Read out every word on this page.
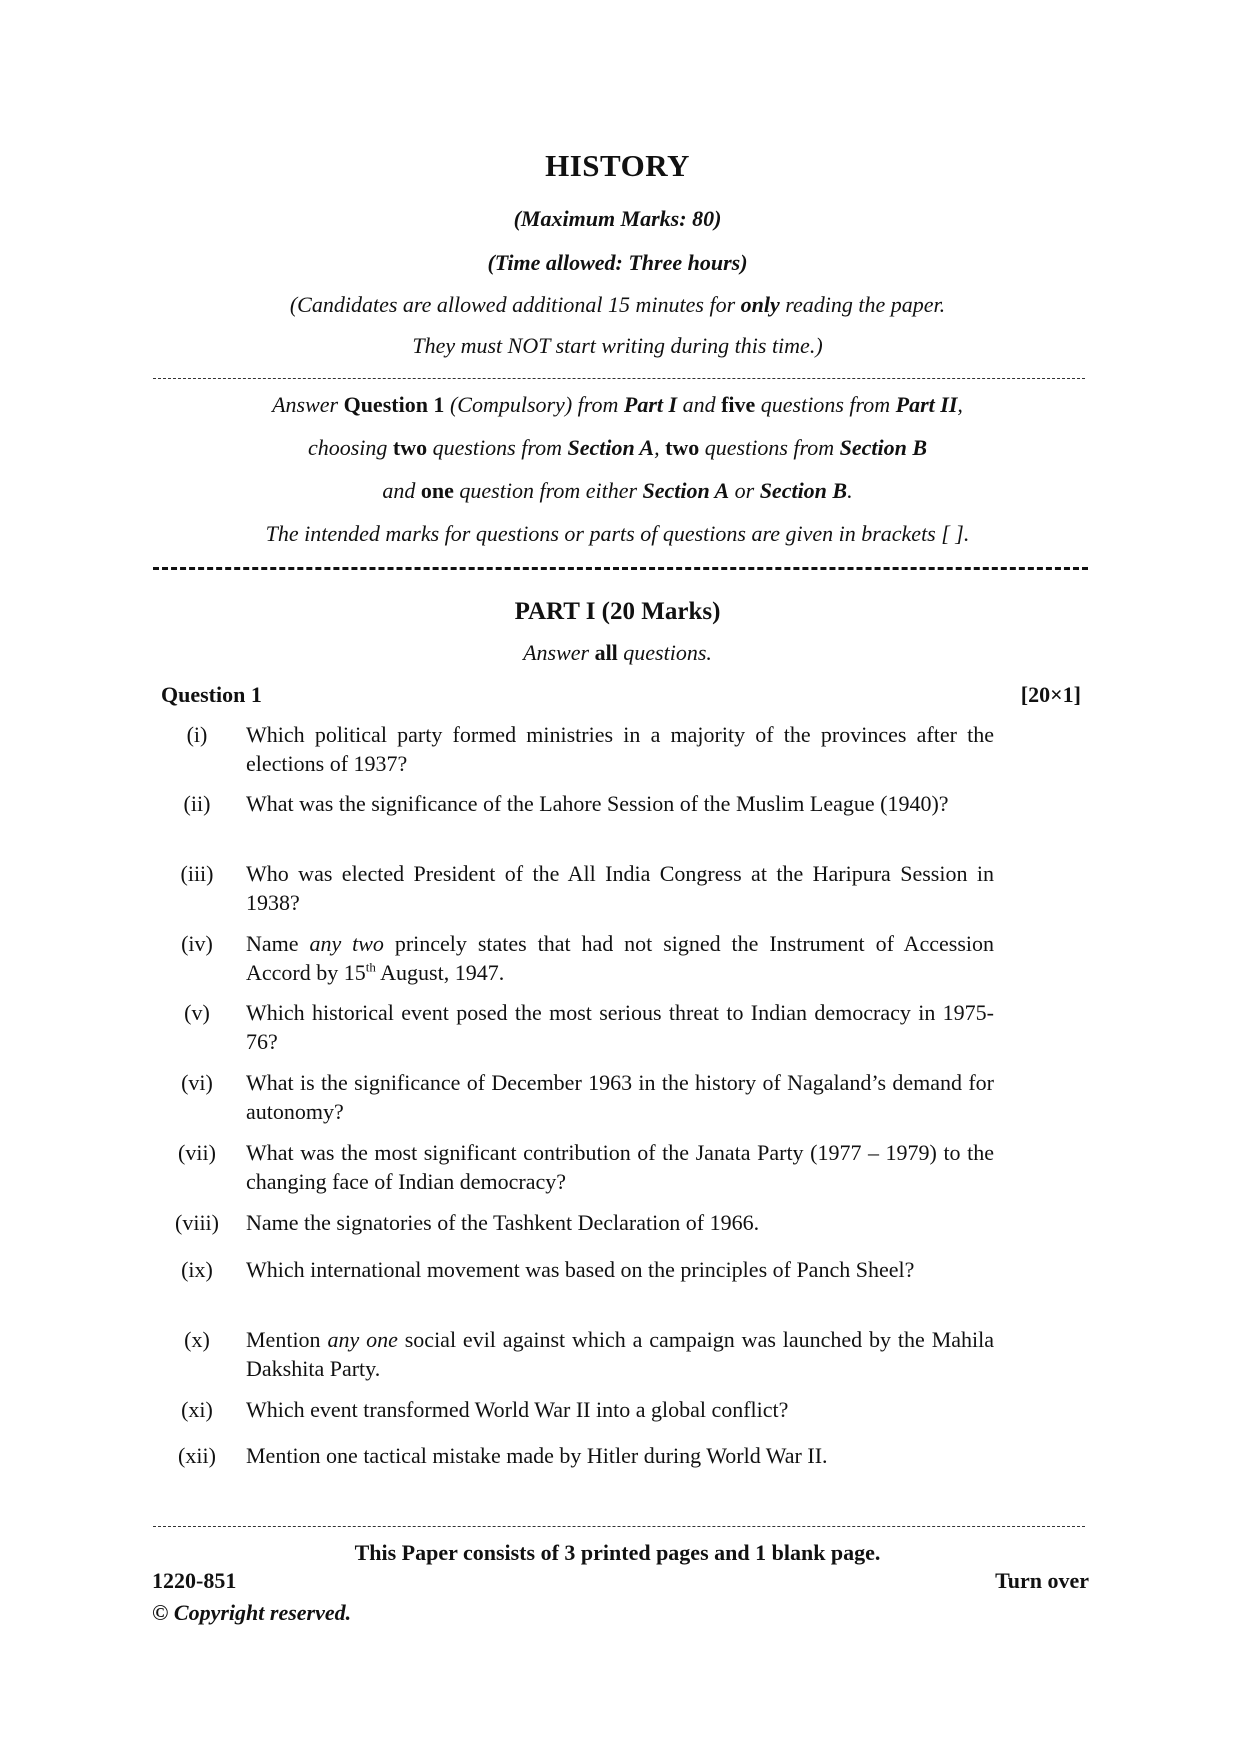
HISTORY
(Maximum Marks: 80)
(Time allowed: Three hours)
(Candidates are allowed additional 15 minutes for only reading the paper.
They must NOT start writing during this time.)
Answer Question 1 (Compulsory) from Part I and five questions from Part II,
choosing two questions from Section A, two questions from Section B
and one question from either Section A or Section B.
The intended marks for questions or parts of questions are given in brackets [ ].
PART I (20 Marks)
Answer all questions.
Question 1	[20×1]
(i)	Which political party formed ministries in a majority of the provinces after the elections of 1937?
(ii)	What was the significance of the Lahore Session of the Muslim League (1940)?
(iii)	Who was elected President of the All India Congress at the Haripura Session in 1938?
(iv)	Name any two princely states that had not signed the Instrument of Accession Accord by 15th August, 1947.
(v)	Which historical event posed the most serious threat to Indian democracy in 1975-76?
(vi)	What is the significance of December 1963 in the history of Nagaland’s demand for autonomy?
(vii)	What was the most significant contribution of the Janata Party (1977 – 1979) to the changing face of Indian democracy?
(viii)	Name the signatories of the Tashkent Declaration of 1966.
(ix)	Which international movement was based on the principles of Panch Sheel?
(x)	Mention any one social evil against which a campaign was launched by the Mahila Dakshita Party.
(xi)	Which event transformed World War II into a global conflict?
(xii)	Mention one tactical mistake made by Hitler during World War II.
This Paper consists of 3 printed pages and 1 blank page.
1220-851	Turn over
© Copyright reserved.
